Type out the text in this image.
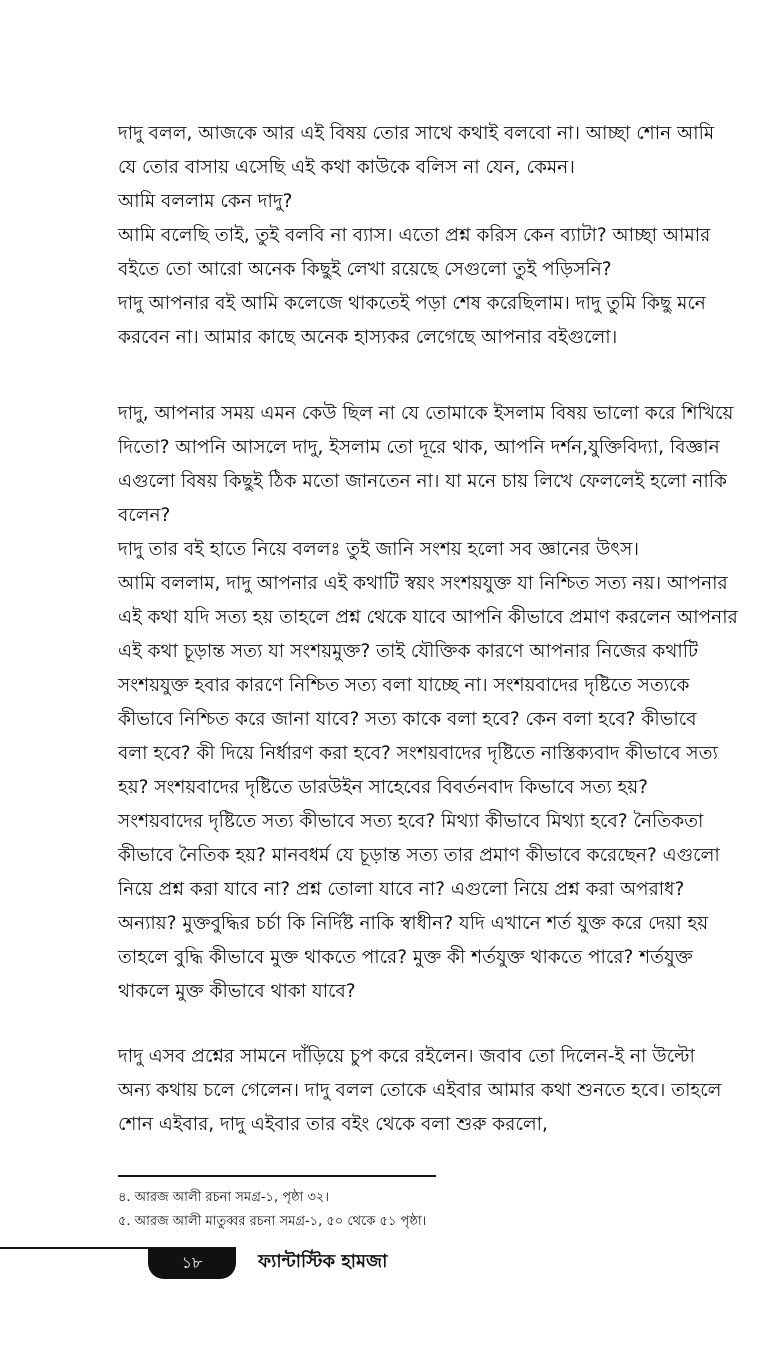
দাদু বলল, আজকে আর এই বিষয় তোর সাথে কথাই বলবো না। আচ্ছা শোন আমি
যে তোর বাসায় এসেছি এই কথা কাউকে বলিস না যেন, কেমন।
আমি বললাম কেন দাদু?
আমি বলেছি তাই, তুই বলবি না ব্যাস। এতো প্রশ্ন করিস কেন ব্যাটা? আচ্ছা আমার
বইতে তো আরো অনেক কিছুই লেখা রয়েছে সেগুলো তুই পড়িসনি?
দাদু আপনার বই আমি কলেজে থাকতেই পড়া শেষ করেছিলাম। দাদু তুমি কিছু মনে
করবেন না। আমার কাছে অনেক হাস্যকর লেগেছে আপনার বইগুলো।
দাদু, আপনার সময় এমন কেউ ছিল না যে তোমাকে ইসলাম বিষয় ভালো করে শিখিয়ে
দিতো? আপনি আসলে দাদু, ইসলাম তো দূরে থাক, আপনি দর্শন,যুক্তিবিদ্যা, বিজ্ঞান
এগুলো বিষয় কিছুই ঠিক মতো জানতেন না। যা মনে চায় লিখে ফেললেই হলো নাকি
বলেন?
দাদু তার বই হাতে নিয়ে বললঃ তুই জানি সংশয় হলো সব জ্ঞানের উৎস।
আমি বললাম, দাদু আপনার এই কথাটি স্বয়ং সংশয়যুক্ত যা নিশ্চিত সত্য নয়। আপনার
এই কথা যদি সত্য হয় তাহলে প্রশ্ন থেকে যাবে আপনি কীভাবে প্রমাণ করলেন আপনার
এই কথা চূড়ান্ত সত্য যা সংশয়মুক্ত? তাই যৌক্তিক কারণে আপনার নিজের কথাটি
সংশয়যুক্ত হবার কারণে নিশ্চিত সত্য বলা যাচ্ছে না। সংশয়বাদের দৃষ্টিতে সত্যকে
কীভাবে নিশ্চিত করে জানা যাবে? সত্য কাকে বলা হবে? কেন বলা হবে? কীভাবে
বলা হবে? কী দিয়ে নির্ধারণ করা হবে? সংশয়বাদের দৃষ্টিতে নাস্তিক্যবাদ কীভাবে সত্য
হয়? সংশয়বাদের দৃষ্টিতে ডারউইন সাহেবের বিবর্তনবাদ কিভাবে সত্য হয়?
সংশয়বাদের দৃষ্টিতে সত্য কীভাবে সত্য হবে? মিথ্যা কীভাবে মিথ্যা হবে? নৈতিকতা
কীভাবে নৈতিক হয়? মানবধর্ম যে চূড়ান্ত সত্য তার প্রমাণ কীভাবে করেছেন? এগুলো
নিয়ে প্রশ্ন করা যাবে না? প্রশ্ন তোলা যাবে না? এগুলো নিয়ে প্রশ্ন করা অপরাধ?
অন্যায়? মুক্তবুদ্ধির চর্চা কি নির্দিষ্ট নাকি স্বাধীন? যদি এখানে শর্ত যুক্ত করে দেয়া হয়
তাহলে বুদ্ধি কীভাবে মুক্ত থাকতে পারে? মুক্ত কী শর্তযুক্ত থাকতে পারে? শর্তযুক্ত
থাকলে মুক্ত কীভাবে থাকা যাবে?
দাদু এসব প্রশ্নের সামনে দাঁড়িয়ে চুপ করে রইলেন। জবাব তো দিলেন-ই না উল্টো
অন্য কথায় চলে গেলেন। দাদু বলল তোকে এইবার আমার কথা শুনতে হবে। তাহলে
শোন এইবার, দাদু এইবার তার বইং থেকে বলা শুরু করলো,
৪. আরজ আলী রচনা সমগ্র-১, পৃষ্ঠা ৩২।
৫. আরজ আলী মাতুব্বর রচনা সমগ্র-১, ৫০ থেকে ৫১ পৃষ্ঠা।
১৮	ফ্যান্টাস্টিক হামজা
